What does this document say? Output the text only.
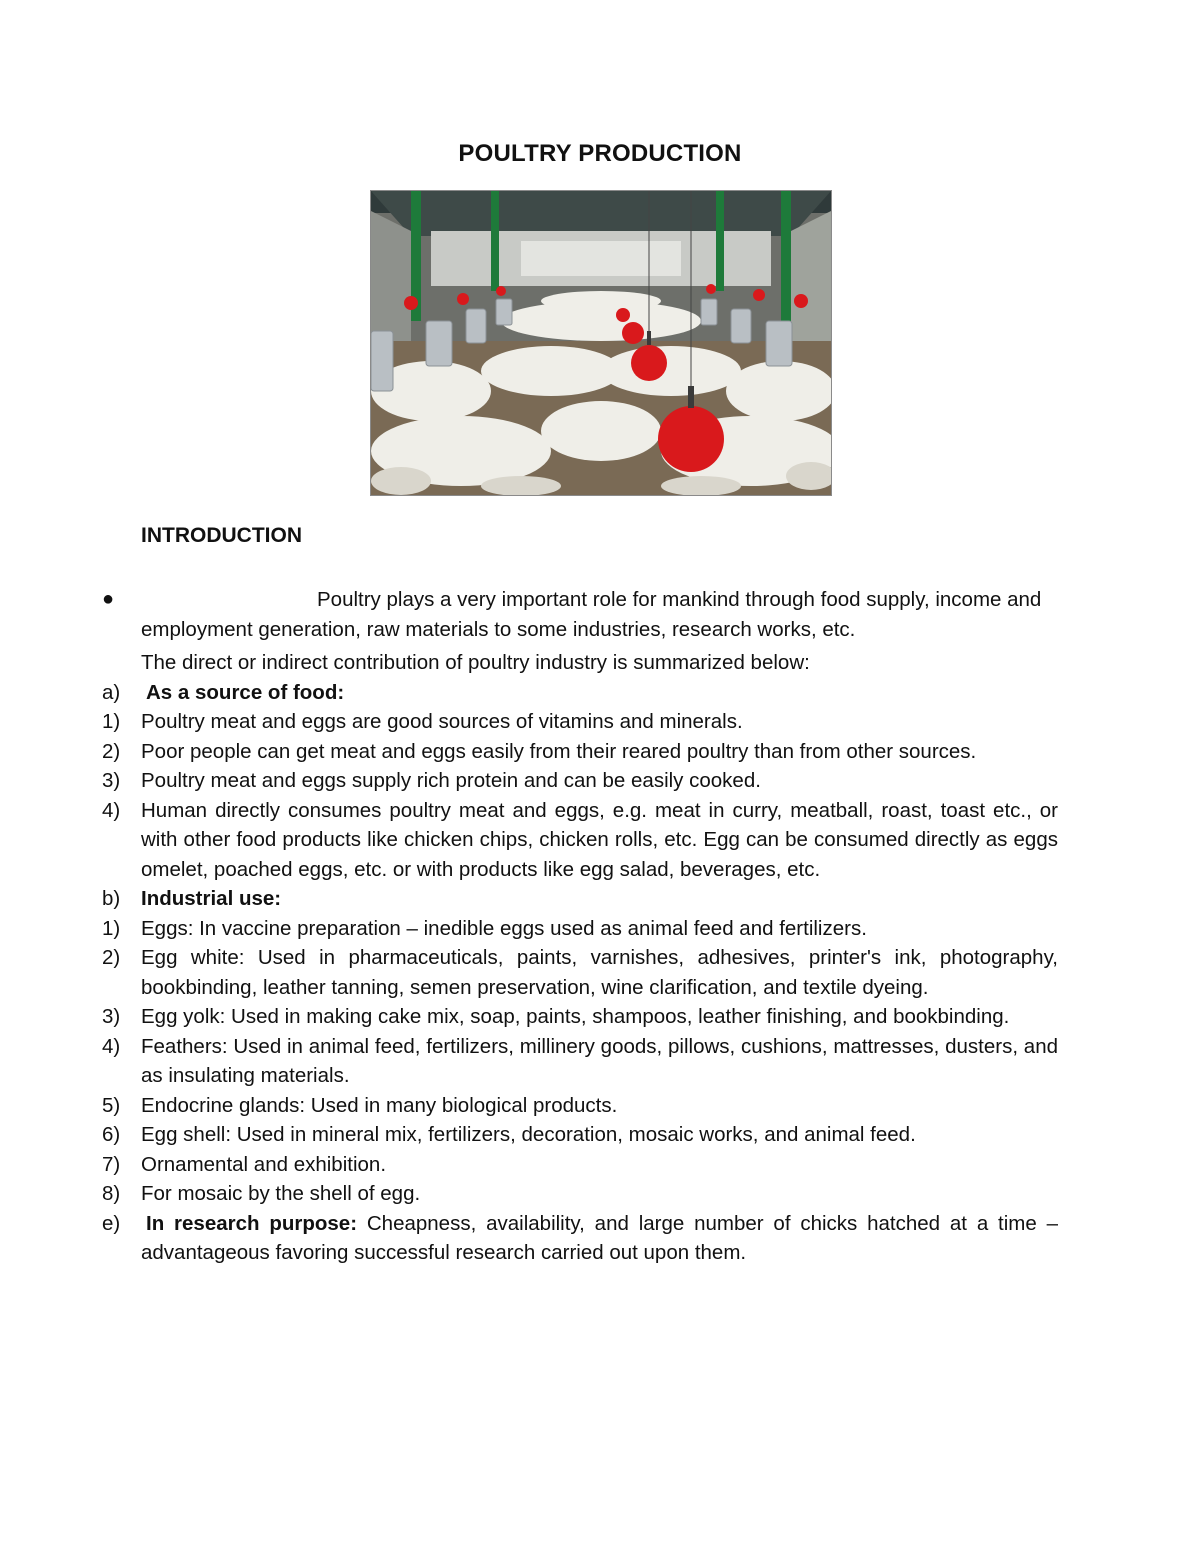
POULTRY PRODUCTION
INTRODUCTION
●	Poultry plays a very important role for mankind through food supply, income and employment generation, raw materials to some industries, research works, etc.
The direct or indirect contribution of poultry industry is summarized below:
a) As a source of food:
1) Poultry meat and eggs are good sources of vitamins and minerals.
2) Poor people can get meat and eggs easily from their reared poultry than from other sources.
3) Poultry meat and eggs supply rich protein and can be easily cooked.
4) Human directly consumes poultry meat and eggs, e.g. meat in curry, meatball, roast, toast etc., or with other food products like chicken chips, chicken rolls, etc. Egg can be consumed directly as eggs omelet, poached eggs, etc. or with products like egg salad, beverages, etc.
b) Industrial use:
1) Eggs: In vaccine preparation – inedible eggs used as animal feed and fertilizers.
2) Egg white: Used in pharmaceuticals, paints, varnishes, adhesives, printer's ink, photography, bookbinding, leather tanning, semen preservation, wine clarification, and textile dyeing.
3) Egg yolk: Used in making cake mix, soap, paints, shampoos, leather finishing, and bookbinding.
4) Feathers: Used in animal feed, fertilizers, millinery goods, pillows, cushions, mattresses, dusters, and as insulating materials.
5) Endocrine glands: Used in many biological products.
6) Egg shell: Used in mineral mix, fertilizers, decoration, mosaic works, and animal feed.
7) Ornamental and exhibition.
8) For mosaic by the shell of egg.
e) In research purpose: Cheapness, availability, and large number of chicks hatched at a time – advantageous favoring successful research carried out upon them.
